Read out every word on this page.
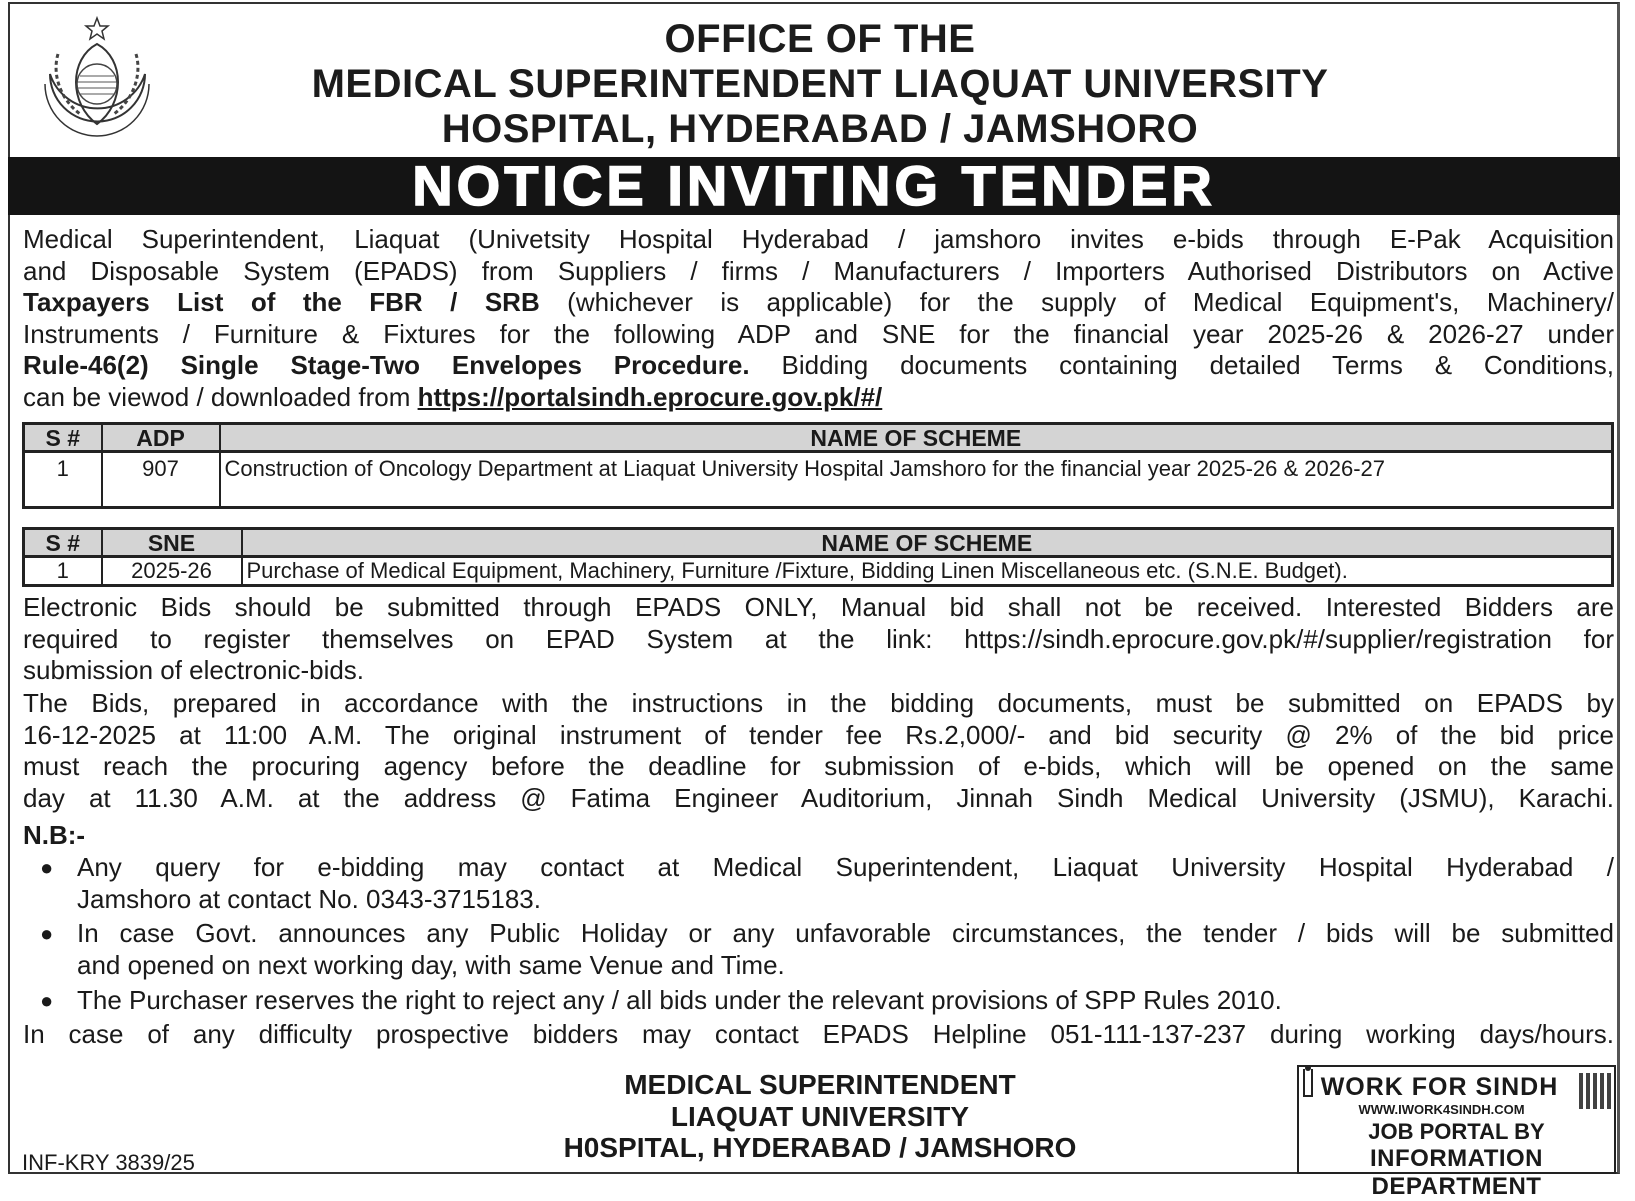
OFFICE OF THE
MEDICAL SUPERINTENDENT LIAQUAT UNIVERSITY
HOSPITAL, HYDERABAD / JAMSHORO
NOTICE INVITING TENDER
Medical Superintendent, Liaquat (Univetsity Hospital Hyderabad / jamshoro invites e-bids through E-Pak Acquisition
and Disposable System (EPADS) from Suppliers / firms / Manufacturers / Importers Authorised Distributors on Active
Taxpayers List of the FBR / SRB (whichever is applicable) for the supply of Medical Equipment's, Machinery/
Instruments / Furniture & Fixtures for the following ADP and SNE for the financial year 2025-26 & 2026-27 under
Rule-46(2) Single Stage-Two Envelopes Procedure. Bidding documents containing detailed Terms & Conditions,
can be viewod / downloaded from https://portalsindh.eprocure.gov.pk/#/
S #	ADP	NAME OF SCHEME
1	907	Construction of Oncology Department at Liaquat University Hospital Jamshoro for the financial year 2025-26 & 2026-27
S #	SNE	NAME OF SCHEME
1	2025-26	Purchase of Medical Equipment, Machinery, Furniture /Fixture, Bidding Linen Miscellaneous etc. (S.N.E. Budget).
Electronic Bids should be submitted through EPADS ONLY, Manual bid shall not be received. Interested Bidders are
required to register themselves on EPAD System at the link: https://sindh.eprocure.gov.pk/#/supplier/registration for
submission of electronic-bids.
The Bids, prepared in accordance with the instructions in the bidding documents, must be submitted on EPADS by
16-12-2025 at 11:00 A.M. The original instrument of tender fee Rs.2,000/- and bid security @ 2% of the bid price
must reach the procuring agency before the deadline for submission of e-bids, which will be opened on the same
day at 11.30 A.M. at the address @ Fatima Engineer Auditorium, Jinnah Sindh Medical University (JSMU), Karachi.
N.B:-
● Any query for e-bidding may contact at Medical Superintendent, Liaquat University Hospital Hyderabad /
Jamshoro at contact No. 0343-3715183.
● In case Govt. announces any Public Holiday or any unfavorable circumstances, the tender / bids will be submitted
and opened on next working day, with same Venue and Time.
● The Purchaser reserves the right to reject any / all bids under the relevant provisions of SPP Rules 2010.
In case of any difficulty prospective bidders may contact EPADS Helpline 051-111-137-237 during working days/hours.
MEDICAL SUPERINTENDENT
LIAQUAT UNIVERSITY
H0SPITAL, HYDERABAD / JAMSHORO
INF-KRY 3839/25
WORK FOR SINDH
WWW.IWORK4SINDH.COM
JOB PORTAL BY
INFORMATION DEPARTMENT
